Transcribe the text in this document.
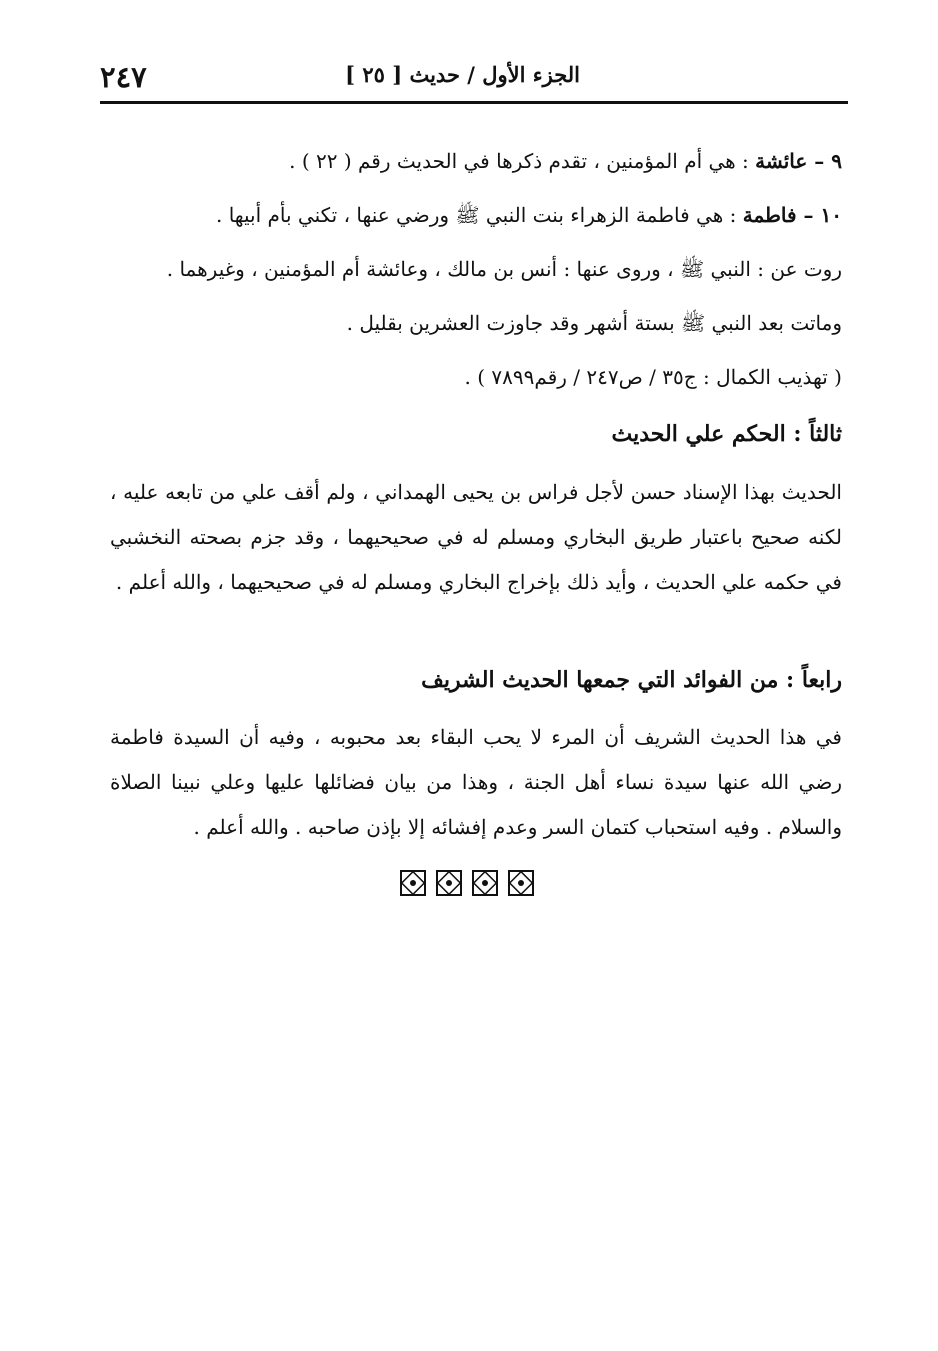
الجزء الأول / حديث [ ٢٥ ]
٢٤٧
٩ – عائشة : هي أم المؤمنين ، تقدم ذكرها في الحديث رقم ( ٢٢ ) .
١٠ – فاطمة : هي فاطمة الزهراء بنت النبي ﷺ ورضي عنها ، تكني بأم أبيها .
روت عن : النبي ﷺ ، وروى عنها : أنس بن مالك ، وعائشة أم المؤمنين ، وغيرهما .
وماتت بعد النبي ﷺ بستة أشهر وقد جاوزت العشرين بقليل .
( تهذيب الكمال : ج٣٥ / ص٢٤٧ / رقم٧٨٩٩ ) .
ثالثاً : الحكم علي الحديث
الحديث بهذا الإسناد حسن لأجل فراس بن يحيى الهمداني ، ولم أقف علي من تابعه عليه ، لكنه صحيح باعتبار طريق البخاري ومسلم له في صحيحيهما ، وقد جزم بصحته النخشبي في حكمه علي الحديث ، وأيد ذلك بإخراج البخاري ومسلم له في صحيحيهما ، والله أعلم .
رابعاً : من الفوائد التي جمعها الحديث الشريف
في هذا الحديث الشريف أن المرء لا يحب البقاء بعد محبوبه ، وفيه أن السيدة فاطمة رضي الله عنها سيدة نساء أهل الجنة ، وهذا من بيان فضائلها عليها وعلي نبينا الصلاة والسلام . وفيه استحباب كتمان السر وعدم إفشائه إلا بإذن صاحبه . والله أعلم .
